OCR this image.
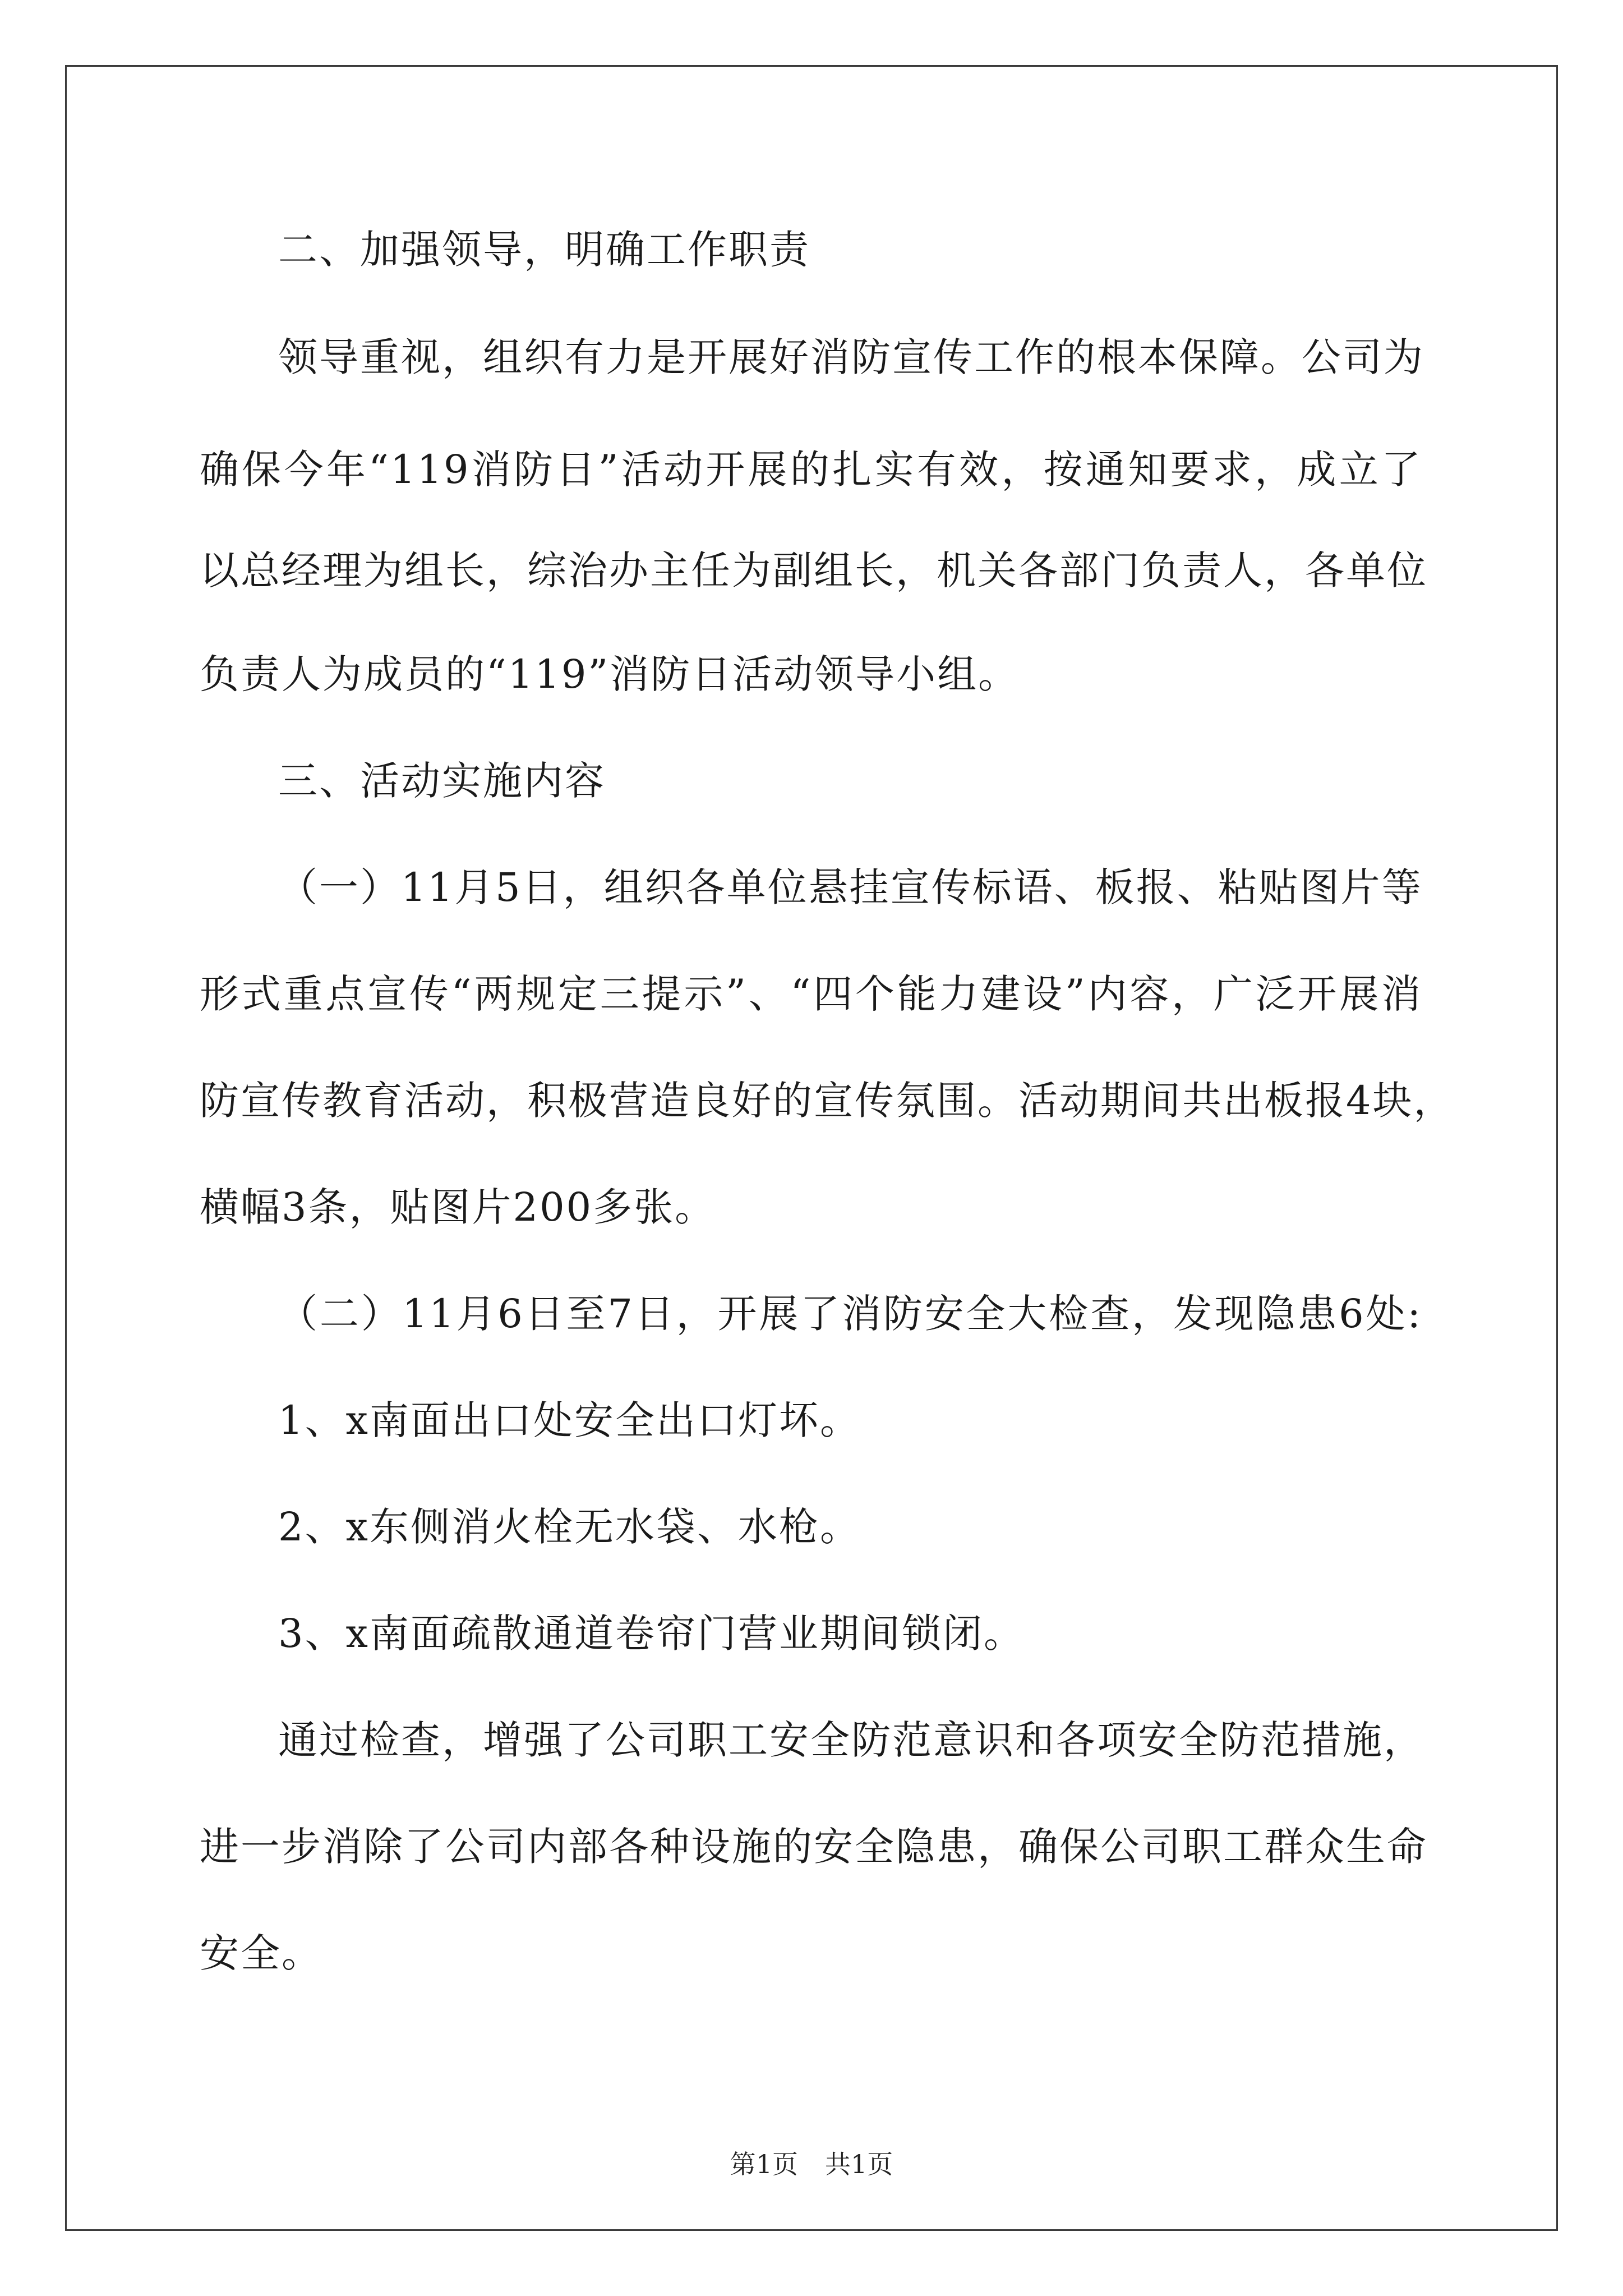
二、加强领导，明确工作职责
领导重视，组织有力是开展好消防宣传工作的根本保障。公司为
确保今年“119消防日”活动开展的扎实有效，按通知要求，成立了
以总经理为组长，综治办主任为副组长，机关各部门负责人，各单位
负责人为成员的“119”消防日活动领导小组。
三、活动实施内容
（一）11月5日，组织各单位悬挂宣传标语、板报、粘贴图片等
形式重点宣传“两规定三提示”、“四个能力建设”内容，广泛开展消
防宣传教育活动，积极营造良好的宣传氛围。活动期间共出板报4块，
横幅3条，贴图片200多张。
（二）11月6日至7日，开展了消防安全大检查，发现隐患6处:
1、x南面出口处安全出口灯坏。
2、x东侧消火栓无水袋、水枪。
3、x南面疏散通道卷帘门营业期间锁闭。
通过检查，增强了公司职工安全防范意识和各项安全防范措施，
进一步消除了公司内部各种设施的安全隐患，确保公司职工群众生命
安全。
第1页 共1页
